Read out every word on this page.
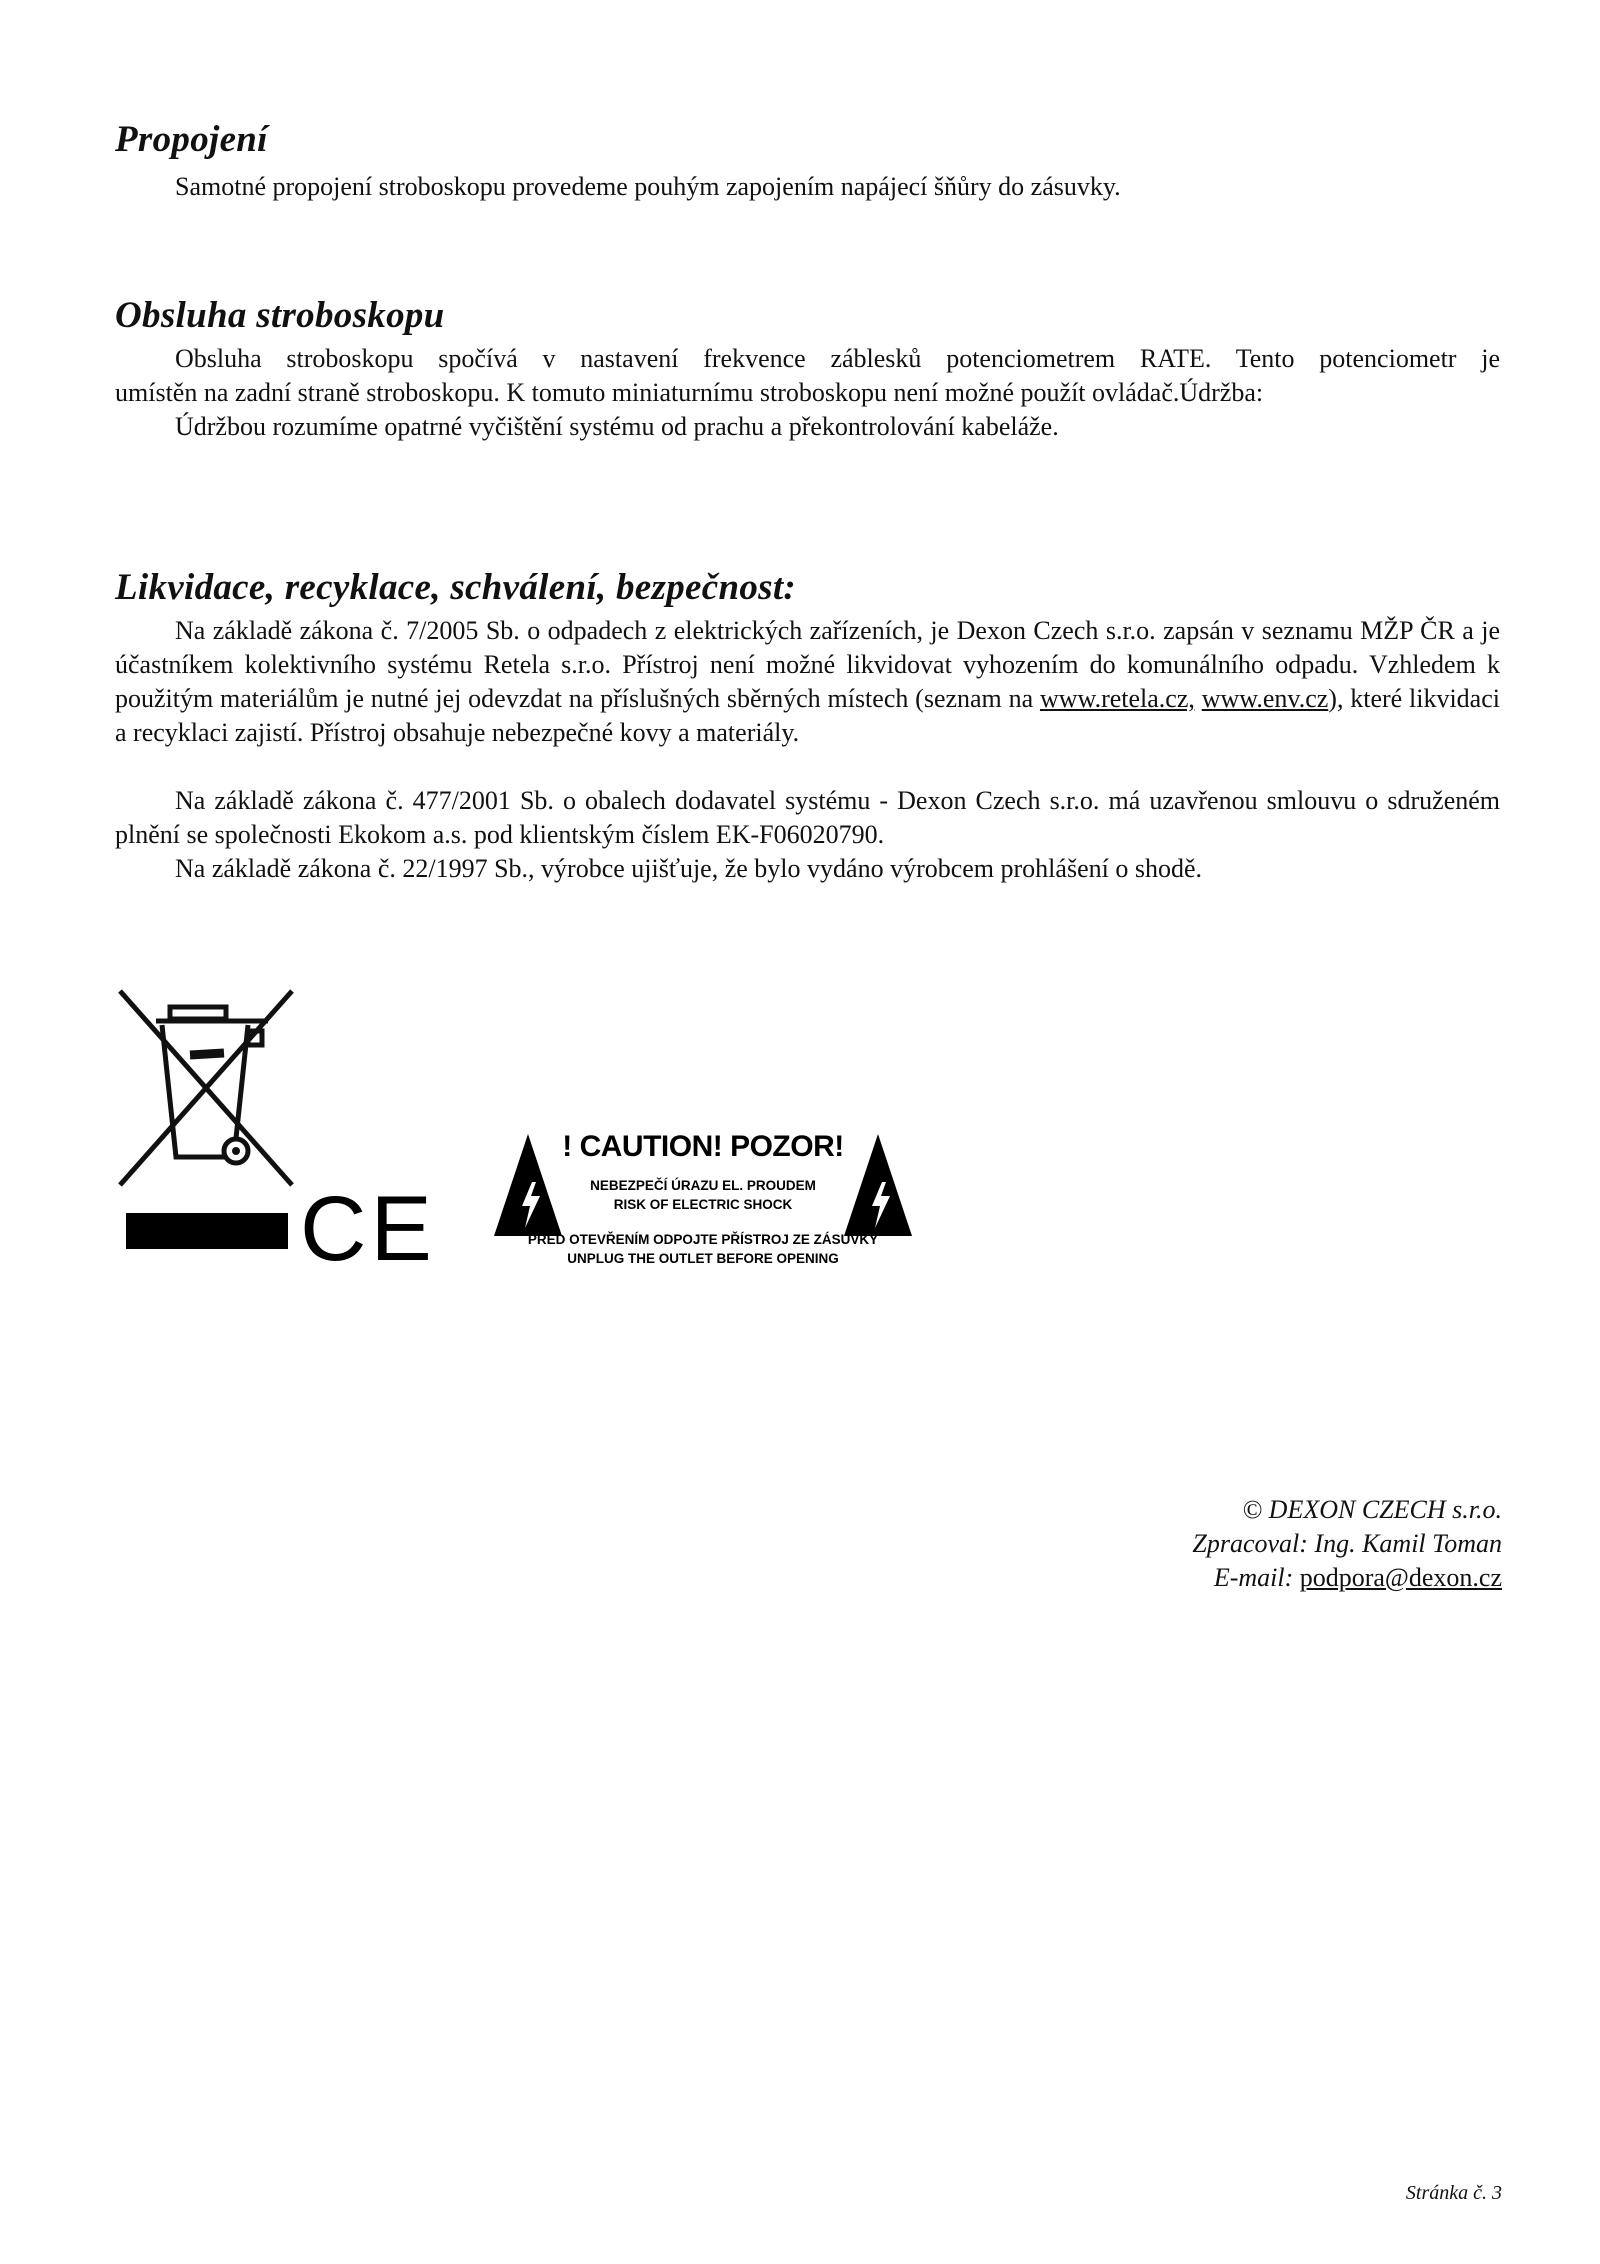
Propojení

Samotné propojení stroboskopu provedeme pouhým zapojením napájecí šňůry do zásuvky.

Obsluha stroboskopu

Obsluha stroboskopu spočívá v nastavení frekvence záblesků potenciometrem RATE. Tento potenciometr je
umístěn na zadní straně stroboskopu. K tomuto miniaturnímu stroboskopu není možné použít ovládač.Údržba:
Údržbou rozumíme opatrné vyčištění systému od prachu a překontrolování kabeláže.

Likvidace, recyklace, schválení, bezpečnost:

Na základě zákona č. 7/2005 Sb. o odpadech z elektrických zařízeních, je Dexon Czech s.r.o. zapsán v seznamu MŽP ČR a je účastníkem kolektivního systému Retela s.r.o. Přístroj není možné likvidovat vyhozením do komunálního odpadu. Vzhledem k použitým materiálům je nutné jej odevzdat na příslušných sběrných místech (seznam na www.retela.cz, www.env.cz), které likvidaci a recyklaci zajistí. Přístroj obsahuje nebezpečné kovy a materiály.

Na základě zákona č. 477/2001 Sb. o obalech dodavatel systému - Dexon Czech s.r.o. má uzavřenou smlouvu o sdruženém plnění se společnosti Ekokom a.s. pod klientským číslem EK-F06020790.

Na základě zákona č. 22/1997 Sb., výrobce ujišťuje, že bylo vydáno výrobcem prohlášení o shodě.

CE
! CAUTION! POZOR!
NEBEZPEČÍ ÚRAZU EL. PROUDEM
RISK OF ELECTRIC SHOCK
PŘED OTEVŘENÍM ODPOJTE PŘÍSTROJ ZE ZÁSUVKY
UNPLUG THE OUTLET BEFORE OPENING
© DEXON CZECH s.r.o.
Zpracoval: Ing. Kamil Toman
E-mail: podpora@dexon.cz
Stránka č. 3
